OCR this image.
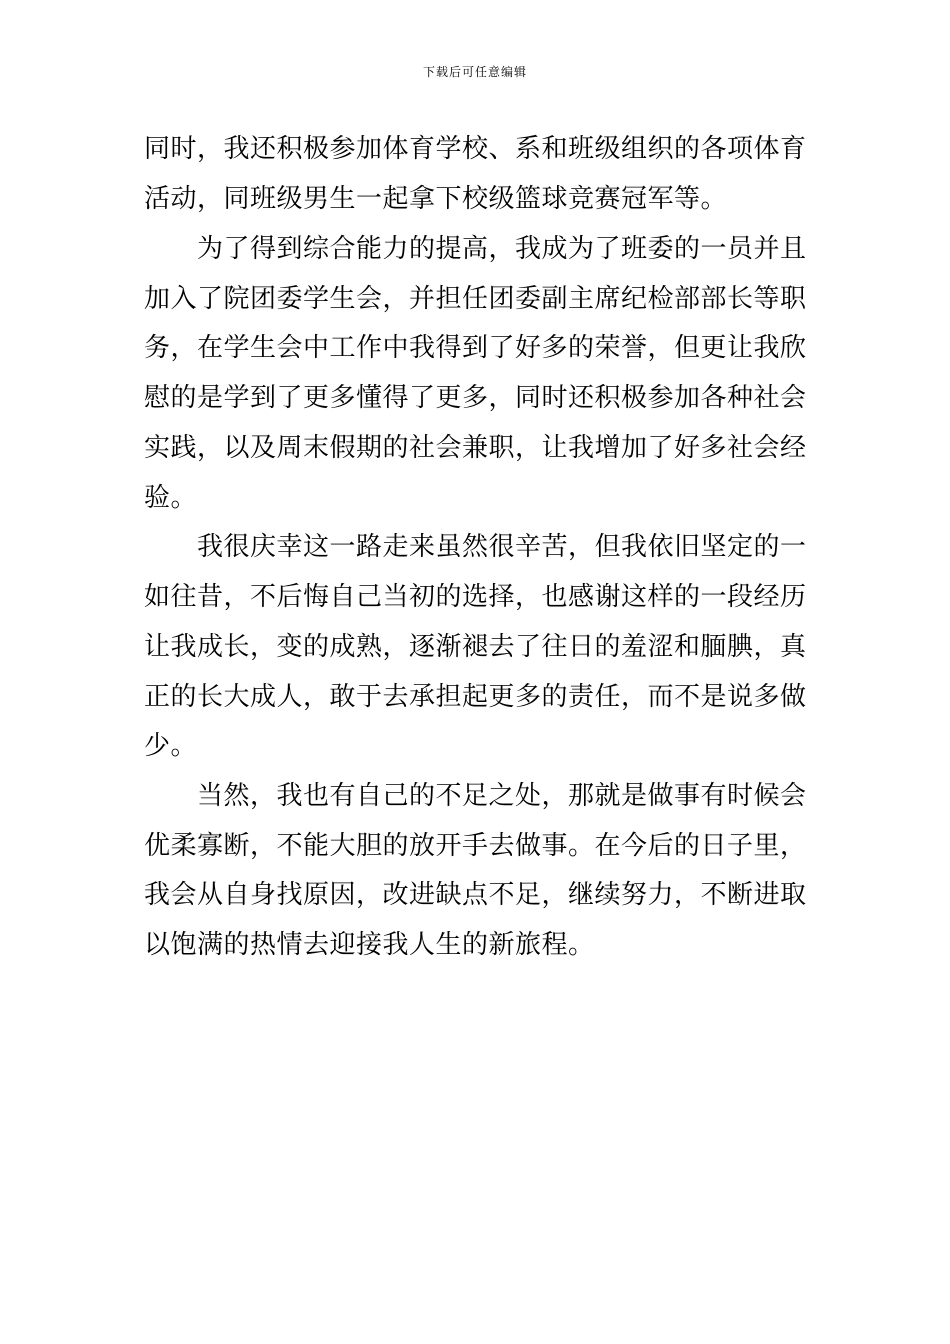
下载后可任意编辑
同时，我还积极参加体育学校、系和班级组织的各项体育
活动，同班级男生一起拿下校级篮球竞赛冠军等。
　　为了得到综合能力的提高，我成为了班委的一员并且
加入了院团委学生会，并担任团委副主席纪检部部长等职
务，在学生会中工作中我得到了好多的荣誉，但更让我欣
慰的是学到了更多懂得了更多，同时还积极参加各种社会
实践，以及周末假期的社会兼职，让我增加了好多社会经
验。
　　我很庆幸这一路走来虽然很辛苦，但我依旧坚定的一
如往昔，不后悔自己当初的选择，也感谢这样的一段经历
让我成长，变的成熟，逐渐褪去了往日的羞涩和腼腆，真
正的长大成人，敢于去承担起更多的责任，而不是说多做
少。
　　当然，我也有自己的不足之处，那就是做事有时候会
优柔寡断，不能大胆的放开手去做事。在今后的日子里，
我会从自身找原因，改进缺点不足，继续努力，不断进取
以饱满的热情去迎接我人生的新旅程。
